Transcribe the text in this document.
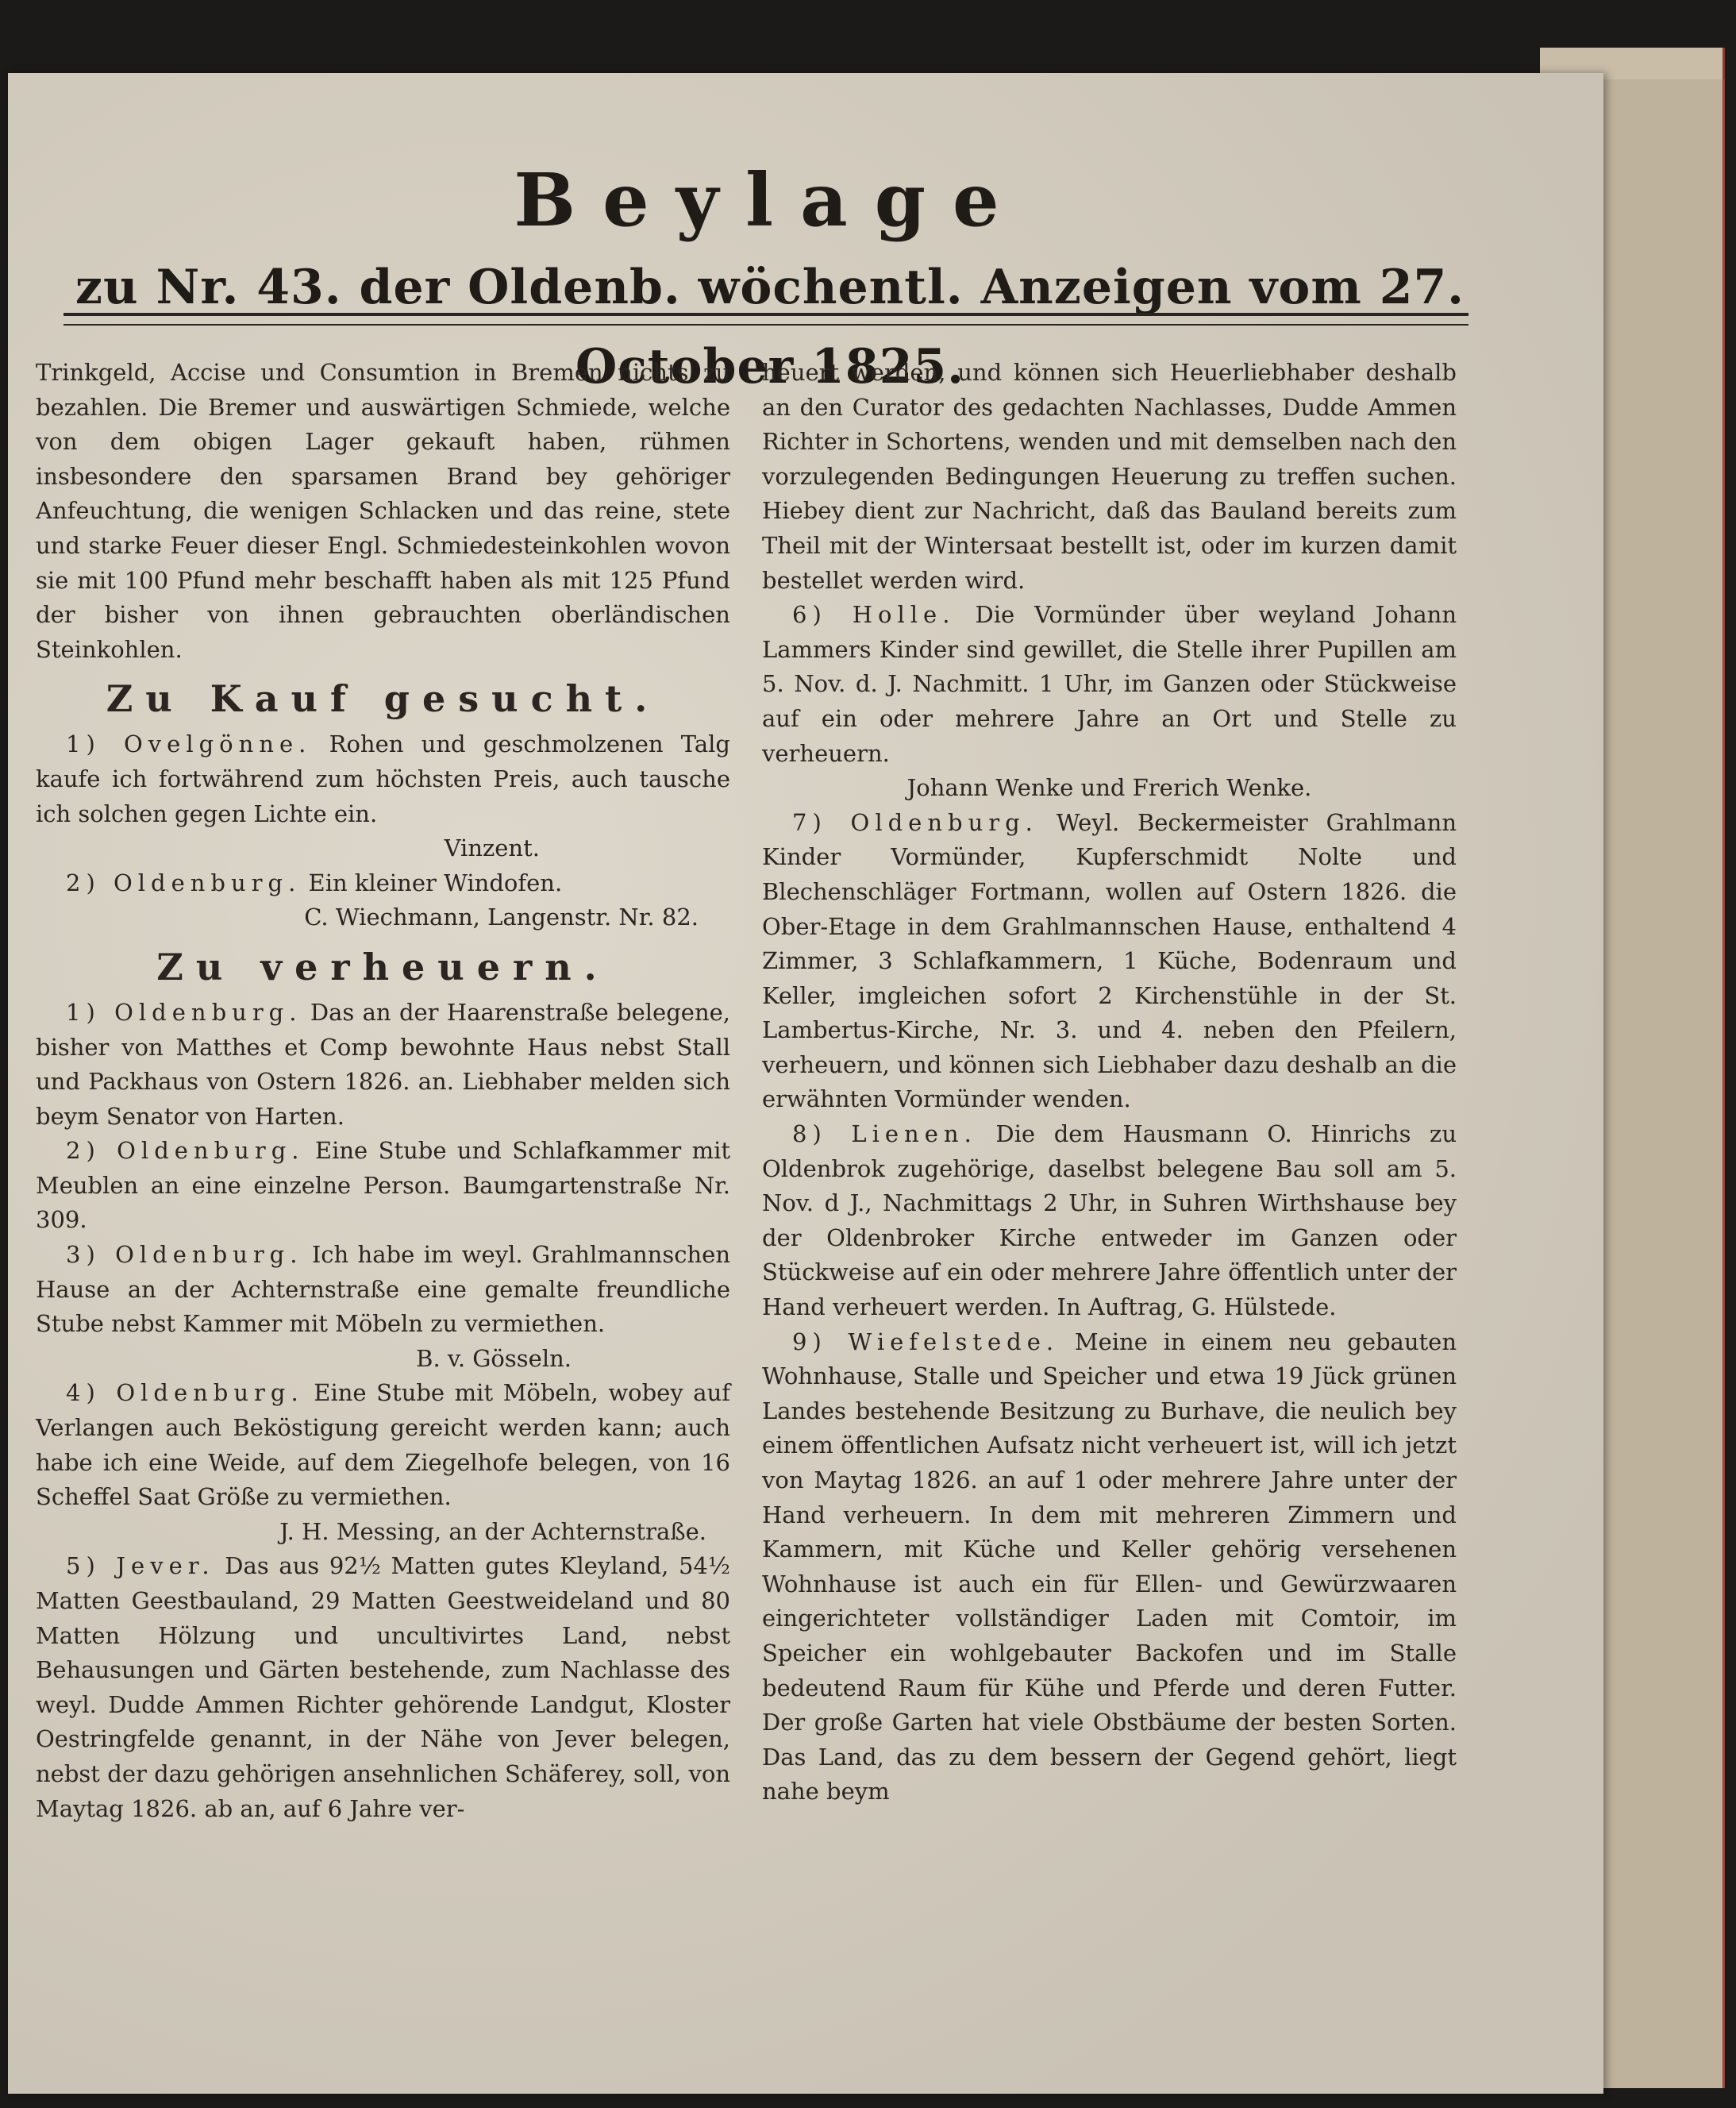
Beylage

zu Nr. 43. der Oldenb. wöchentl. Anzeigen vom 27. October 1825.

Trinkgeld, Accise und Consumtion in Bremen nichts zu bezahlen. Die Bremer und auswärtigen Schmiede, welche von dem obigen Lager gekauft haben, rühmen insbesondere den sparsamen Brand bey gehöriger Anfeuchtung, die wenigen Schlacken und das reine, stete und starke Feuer dieser Engl. Schmiedesteinkohlen wovon sie mit 100 Pfund mehr beschafft haben als mit 125 Pfund der bisher von ihnen gebrauchten oberländischen Steinkohlen.

Zu Kauf gesucht.

1) Ovelgönne. Rohen und geschmolzenen Talg kaufe ich fortwährend zum höchsten Preis, auch tausche ich solchen gegen Lichte ein.

Vinzent.

2) Oldenburg. Ein kleiner Windofen.

C. Wiechmann, Langenstr. Nr. 82.

Zu verheuern.

1) Oldenburg. Das an der Haarenstraße belegene, bisher von Matthes et Comp bewohnte Haus nebst Stall und Packhaus von Ostern 1826. an. Liebhaber melden sich beym Senator von Harten.

2) Oldenburg. Eine Stube und Schlafkammer mit Meublen an eine einzelne Person. Baumgartenstraße Nr. 309.

3) Oldenburg. Ich habe im weyl. Grahlmannschen Hause an der Achternstraße eine gemalte freundliche Stube nebst Kammer mit Möbeln zu vermiethen.

B. v. Gösseln.

4) Oldenburg. Eine Stube mit Möbeln, wobey auf Verlangen auch Beköstigung gereicht werden kann; auch habe ich eine Weide, auf dem Ziegelhofe belegen, von 16 Scheffel Saat Größe zu vermiethen.

J. H. Messing, an der Achternstraße.

5) Jever. Das aus 92½ Matten gutes Kleyland, 54½ Matten Geestbauland, 29 Matten Geestweideland und 80 Matten Hölzung und uncultivirtes Land, nebst Behausungen und Gärten bestehende, zum Nachlasse des weyl. Dudde Ammen Richter gehörende Landgut, Kloster Oestringfelde genannt, in der Nähe von Jever belegen, nebst der dazu gehörigen ansehnlichen Schäferey, soll, von Maytag 1826. ab an, auf 6 Jahre ver-

heuert werden, und können sich Heuerliebhaber deshalb an den Curator des gedachten Nachlasses, Dudde Ammen Richter in Schortens, wenden und mit demselben nach den vorzulegenden Bedingungen Heuerung zu treffen suchen. Hiebey dient zur Nachricht, daß das Bauland bereits zum Theil mit der Wintersaat bestellt ist, oder im kurzen damit bestellet werden wird.

6) Holle. Die Vormünder über weyland Johann Lammers Kinder sind gewillet, die Stelle ihrer Pupillen am 5. Nov. d. J. Nachmitt. 1 Uhr, im Ganzen oder Stückweise auf ein oder mehrere Jahre an Ort und Stelle zu verheuern.

Johann Wenke und Frerich Wenke.

7) Oldenburg. Weyl. Beckermeister Grahlmann Kinder Vormünder, Kupferschmidt Nolte und Blechenschläger Fortmann, wollen auf Ostern 1826. die Ober-Etage in dem Grahlmannschen Hause, enthaltend 4 Zimmer, 3 Schlafkammern, 1 Küche, Bodenraum und Keller, imgleichen sofort 2 Kirchenstühle in der St. Lambertus-Kirche, Nr. 3. und 4. neben den Pfeilern, verheuern, und können sich Liebhaber dazu deshalb an die erwähnten Vormünder wenden.

8) Lienen. Die dem Hausmann O. Hinrichs zu Oldenbrok zugehörige, daselbst belegene Bau soll am 5. Nov. d J., Nachmittags 2 Uhr, in Suhren Wirthshause bey der Oldenbroker Kirche entweder im Ganzen oder Stückweise auf ein oder mehrere Jahre öffentlich unter der Hand verheuert werden. In Auftrag, G. Hülstede.

9) Wiefelstede. Meine in einem neu gebauten Wohnhause, Stalle und Speicher und etwa 19 Jück grünen Landes bestehende Besitzung zu Burhave, die neulich bey einem öffentlichen Aufsatz nicht verheuert ist, will ich jetzt von Maytag 1826. an auf 1 oder mehrere Jahre unter der Hand verheuern. In dem mit mehreren Zimmern und Kammern, mit Küche und Keller gehörig versehenen Wohnhause ist auch ein für Ellen- und Gewürzwaaren eingerichteter vollständiger Laden mit Comtoir, im Speicher ein wohlgebauter Backofen und im Stalle bedeutend Raum für Kühe und Pferde und deren Futter. Der große Garten hat viele Obstbäume der besten Sorten. Das Land, das zu dem bessern der Gegend gehört, liegt nahe beym
